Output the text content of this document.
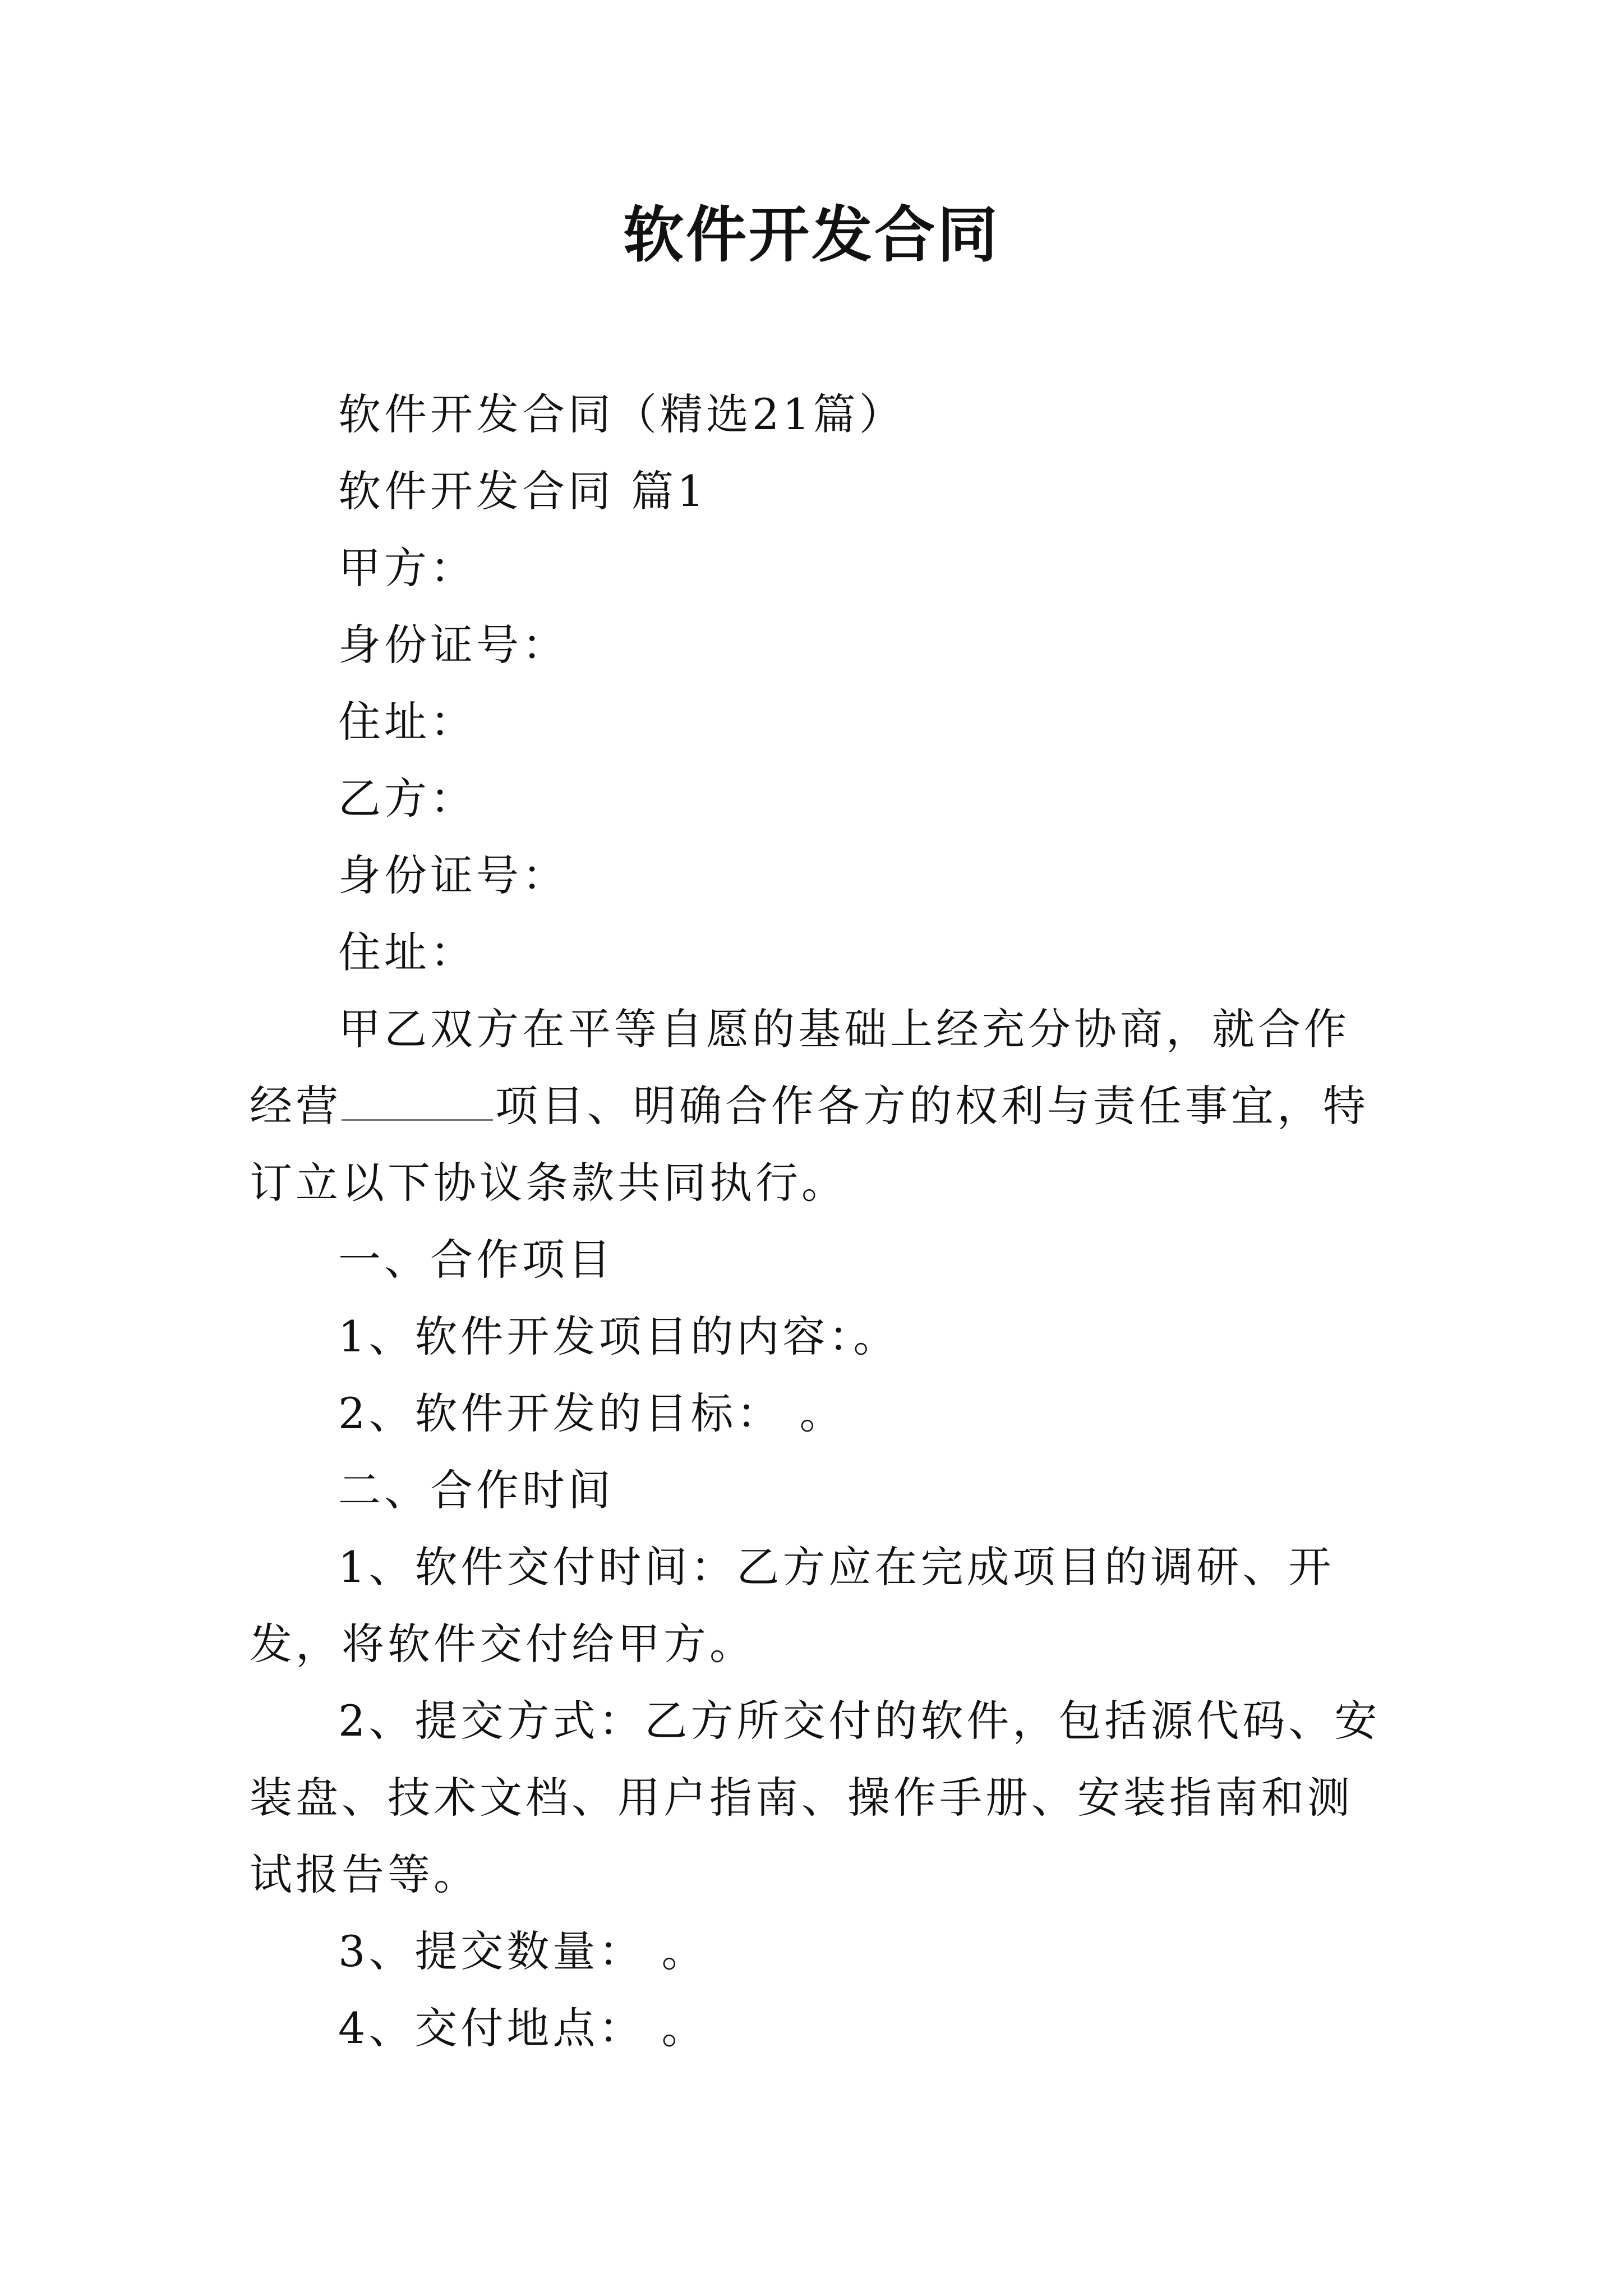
软件开发合同

软件开发合同（精选21篇）

软件开发合同 篇1

甲方：

身份证号：

住址：

乙方：

身份证号：

住址：

甲乙双方在平等自愿的基础上经充分协商，就合作经营	项目、明确合作各方的权利与责任事宜，特订立以下协议条款共同执行。

一、合作项目

1、软件开发项目的内容：。

2、软件开发的目标： 。

二、合作时间

1、软件交付时间：乙方应在完成项目的调研、开发，将软件交付给甲方。

2、提交方式：乙方所交付的软件，包括源代码、安装盘、技术文档、用户指南、操作手册、安装指南和测试报告等。

3、提交数量： 。

4、交付地点： 。
